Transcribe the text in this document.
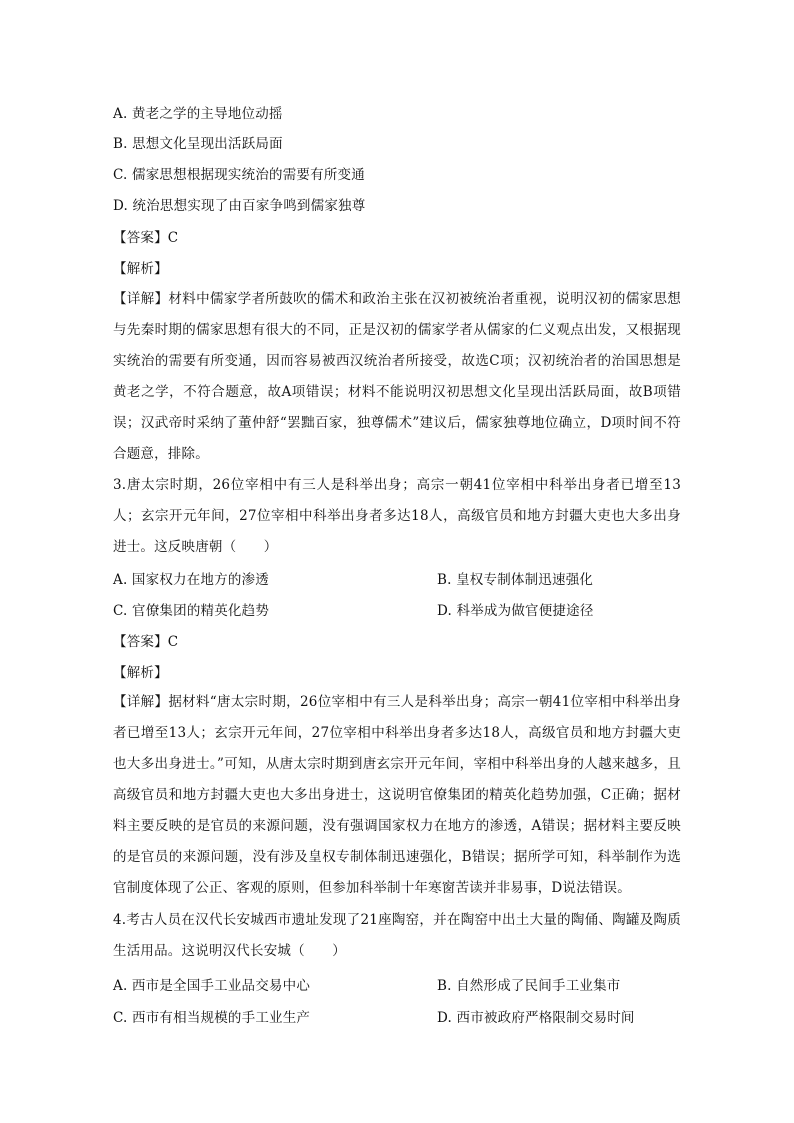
A. 黄老之学的主导地位动摇
B. 思想文化呈现出活跃局面
C. 儒家思想根据现实统治的需要有所变通
D. 统治思想实现了由百家争鸣到儒家独尊
【答案】C
【解析】
【详解】材料中儒家学者所鼓吹的儒术和政治主张在汉初被统治者重视，说明汉初的儒家思想与先秦时期的儒家思想有很大的不同，正是汉初的儒家学者从儒家的仁义观点出发，又根据现实统治的需要有所变通，因而容易被西汉统治者所接受，故选C项；汉初统治者的治国思想是黄老之学，不符合题意，故A项错误；材料不能说明汉初思想文化呈现出活跃局面，故B项错误；汉武帝时采纳了董仲舒“罢黜百家，独尊儒术”建议后，儒家独尊地位确立，D项时间不符合题意，排除。
3.唐太宗时期，26位宰相中有三人是科举出身；高宗一朝41位宰相中科举出身者已增至13人；玄宗开元年间，27位宰相中科举出身者多达18人，高级官员和地方封疆大吏也大多出身进士。这反映唐朝（　　）
A. 国家权力在地方的渗透	B. 皇权专制体制迅速强化
C. 官僚集团的精英化趋势	D. 科举成为做官便捷途径
【答案】C
【解析】
【详解】据材料“唐太宗时期，26位宰相中有三人是科举出身；高宗一朝41位宰相中科举出身者已增至13人；玄宗开元年间，27位宰相中科举出身者多达18人，高级官员和地方封疆大吏也大多出身进士。”可知，从唐太宗时期到唐玄宗开元年间，宰相中科举出身的人越来越多，且高级官员和地方封疆大吏也大多出身进士，这说明官僚集团的精英化趋势加强，C正确；据材料主要反映的是官员的来源问题，没有强调国家权力在地方的渗透，A错误；据材料主要反映的是官员的来源问题，没有涉及皇权专制体制迅速强化，B错误；据所学可知，科举制作为选官制度体现了公正、客观的原则，但参加科举制十年寒窗苦读并非易事，D说法错误。
4.考古人员在汉代长安城西市遗址发现了21座陶窑，并在陶窑中出土大量的陶俑、陶罐及陶质生活用品。这说明汉代长安城（　　）
A. 西市是全国手工业品交易中心	B. 自然形成了民间手工业集市
C. 西市有相当规模的手工业生产	D. 西市被政府严格限制交易时间
